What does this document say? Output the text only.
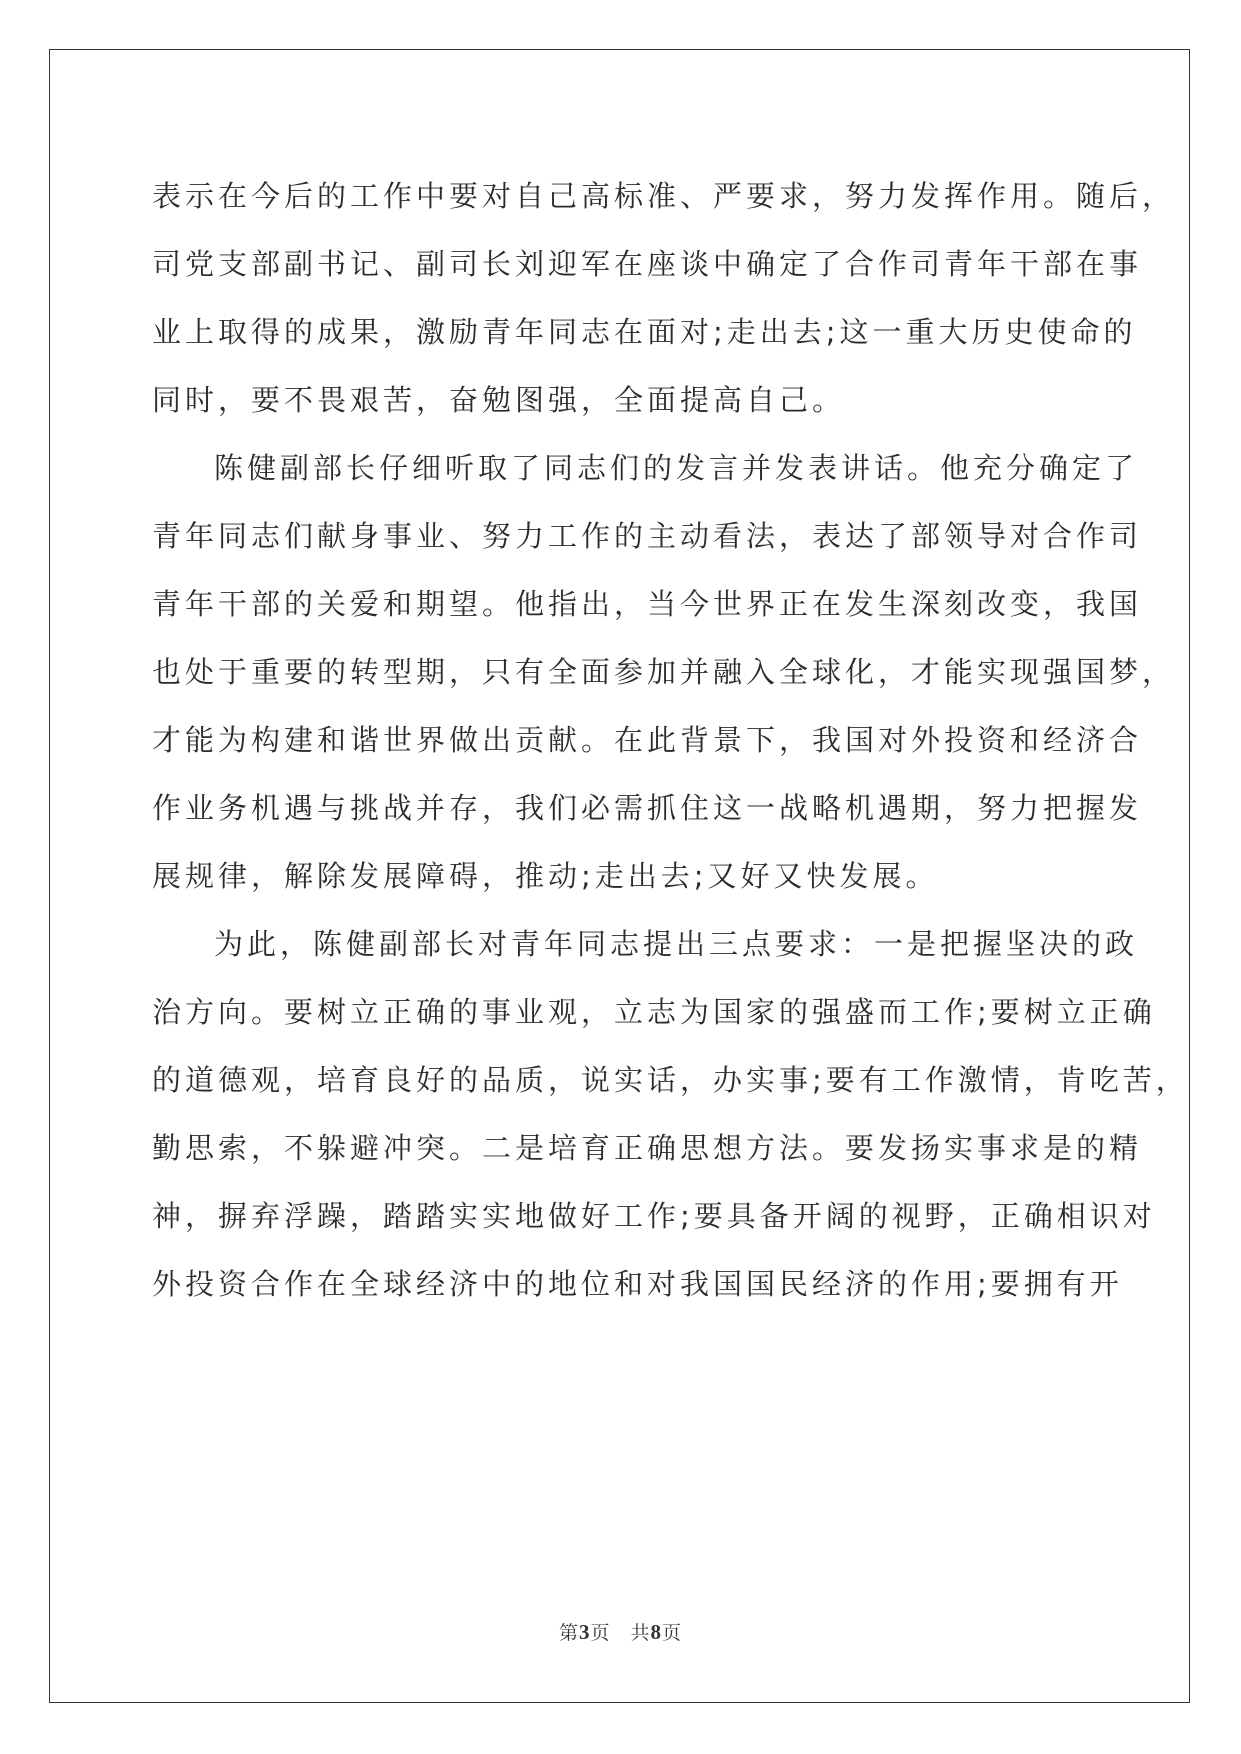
表示在今后的工作中要对自己高标准、严要求，努力发挥作用。随后，

司党支部副书记、副司长刘迎军在座谈中确定了合作司青年干部在事

业上取得的成果，激励青年同志在面对;走出去;这一重大历史使命的

同时，要不畏艰苦，奋勉图强，全面提高自己。

陈健副部长仔细听取了同志们的发言并发表讲话。他充分确定了

青年同志们献身事业、努力工作的主动看法，表达了部领导对合作司

青年干部的关爱和期望。他指出，当今世界正在发生深刻改变，我国

也处于重要的转型期，只有全面参加并融入全球化，才能实现强国梦，

才能为构建和谐世界做出贡献。在此背景下，我国对外投资和经济合

作业务机遇与挑战并存，我们必需抓住这一战略机遇期，努力把握发

展规律，解除发展障碍，推动;走出去;又好又快发展。

为此，陈健副部长对青年同志提出三点要求：一是把握坚决的政

治方向。要树立正确的事业观，立志为国家的强盛而工作;要树立正确

的道德观，培育良好的品质，说实话，办实事;要有工作激情，肯吃苦，

勤思索，不躲避冲突。二是培育正确思想方法。要发扬实事求是的精

神，摒弃浮躁，踏踏实实地做好工作;要具备开阔的视野，正确相识对

外投资合作在全球经济中的地位和对我国国民经济的作用;要拥有开

第3页 共8页
